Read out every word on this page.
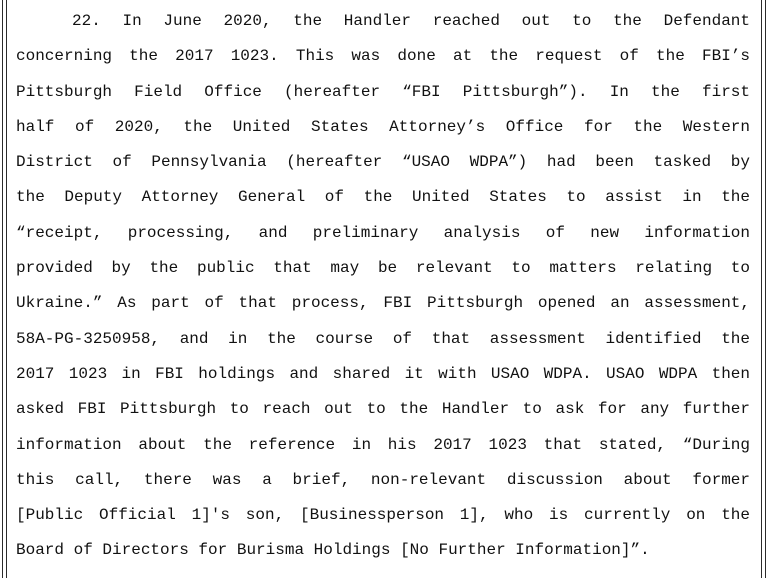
22. In June 2020, the Handler reached out to the Defendant
concerning the 2017 1023. This was done at the request of the FBI’s
Pittsburgh Field Office (hereafter “FBI Pittsburgh”). In the first
half of 2020, the United States Attorney’s Office for the Western
District of Pennsylvania (hereafter “USAO WDPA”) had been tasked by
the Deputy Attorney General of the United States to assist in the
“receipt, processing, and preliminary analysis of new information
provided by the public that may be relevant to matters relating to
Ukraine.” As part of that process, FBI Pittsburgh opened an assessment,
58A-PG-3250958, and in the course of that assessment identified the
2017 1023 in FBI holdings and shared it with USAO WDPA. USAO WDPA then
asked FBI Pittsburgh to reach out to the Handler to ask for any further
information about the reference in his 2017 1023 that stated, “During
this call, there was a brief, non-relevant discussion about former
[Public Official 1]'s son, [Businessperson 1], who is currently on the
Board of Directors for Burisma Holdings [No Further Information]”.
